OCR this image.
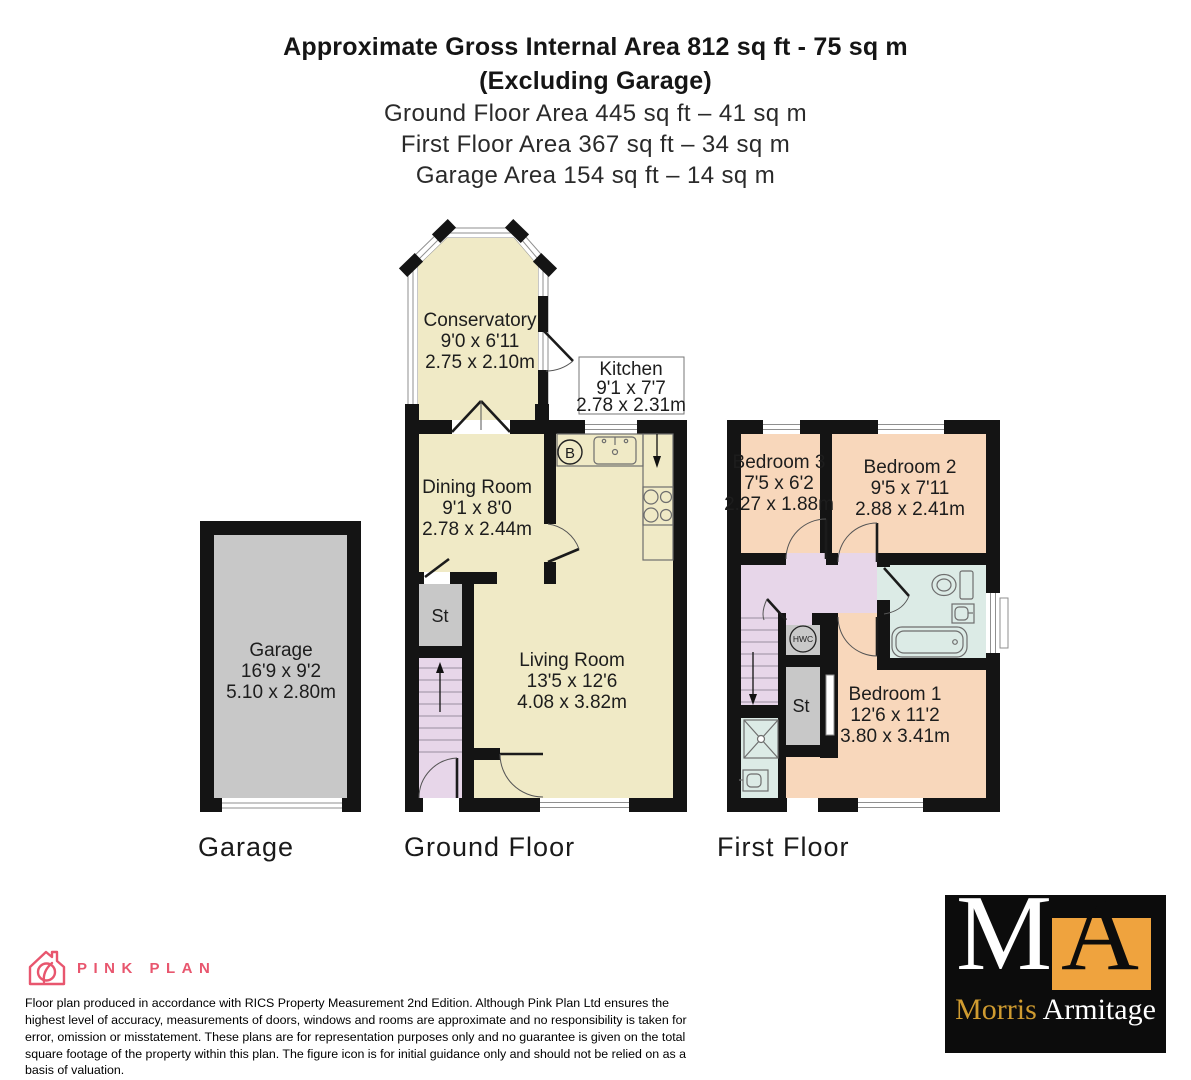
Approximate Gross Internal Area 812 sq ft - 75 sq m
(Excluding Garage)
Ground Floor Area 445 sq ft – 41 sq m
First Floor Area 367 sq ft – 34 sq m
Garage Area 154 sq ft – 14 sq m
Garage
16'9 x 9'2
5.10 x 2.80m
Conservatory
9'0 x 6'11
2.75 x 2.10m
St
B
Dining Room
9'1 x 8'0
2.78 x 2.44m
Living Room
13'5 x 12'6
4.08 x 3.82m
Kitchen
9'1 x 7'7
2.78 x 2.31m
HWC
St
Bedroom 3
7'5 x 6'2
2.27 x 1.88m
Bedroom 2
9'5 x 7'11
2.88 x 2.41m
Bedroom 1
12'6 x 11'2
3.80 x 3.41m
Garage	Ground Floor	First Floor
PINK PLAN
Floor plan produced in accordance with RICS Property Measurement 2nd Edition. Although Pink Plan Ltd ensures the highest level of accuracy, measurements of doors, windows and rooms are approximate and no responsibility is taken for error, omission or misstatement. These plans are for representation purposes only and no guarantee is given on the total square footage of the property within this plan. The figure icon is for initial guidance only and should not be relied on as a basis of valuation.
M A
Morris Armitage
